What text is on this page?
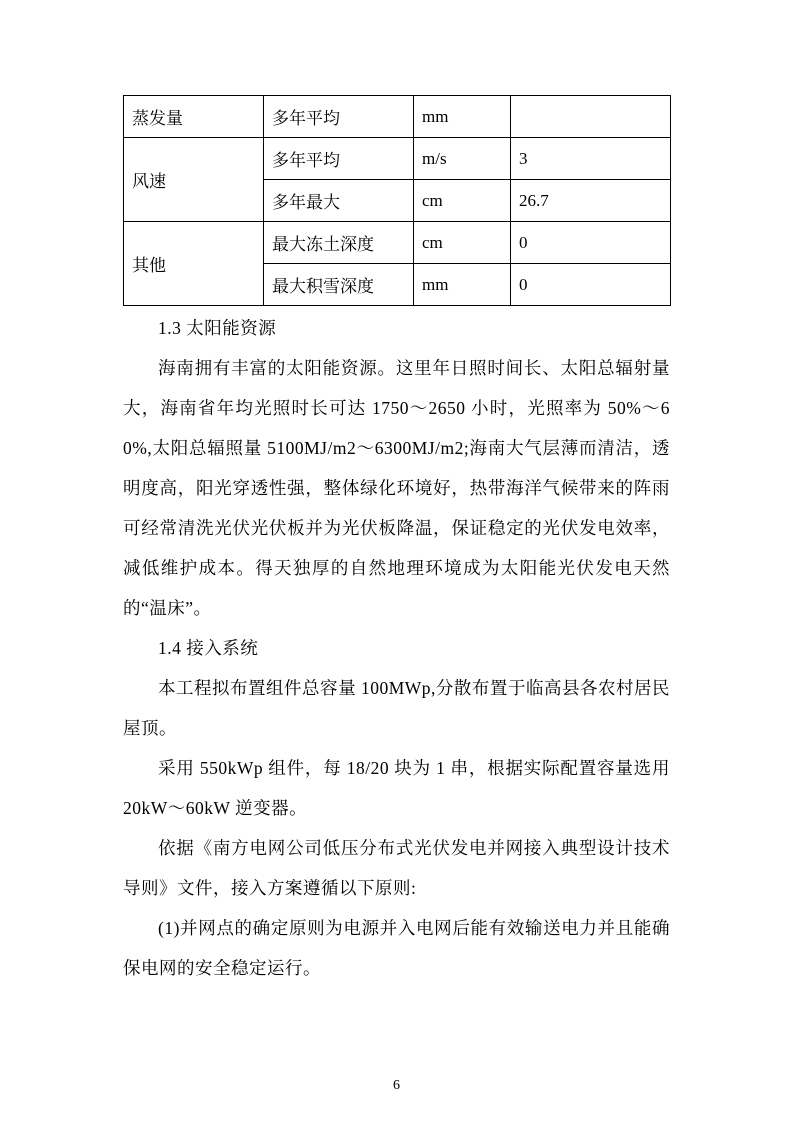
蒸发量	多年平均	mm	
风速	多年平均	m/s	3
	多年最大	cm	26.7
其他	最大冻土深度	cm	0
	最大积雪深度	mm	0

1.3 太阳能资源

海南拥有丰富的太阳能资源。这里年日照时间长、太阳总辐射量大，海南省年均光照时长可达 1750～2650 小时，光照率为 50%～60%,太阳总辐照量 5100MJ/m2～6300MJ/m2;海南大气层薄而清洁，透明度高，阳光穿透性强，整体绿化环境好，热带海洋气候带来的阵雨可经常清洗光伏光伏板并为光伏板降温，保证稳定的光伏发电效率，减低维护成本。得天独厚的自然地理环境成为太阳能光伏发电天然的“温床”。

1.4 接入系统

本工程拟布置组件总容量 100MWp,分散布置于临高县各农村居民屋顶。

采用 550kWp 组件，每 18/20 块为 1 串，根据实际配置容量选用 20kW～60kW 逆变器。

依据《南方电网公司低压分布式光伏发电并网接入典型设计技术导则》文件，接入方案遵循以下原则:

(1)并网点的确定原则为电源并入电网后能有效输送电力并且能确保电网的安全稳定运行。

6
